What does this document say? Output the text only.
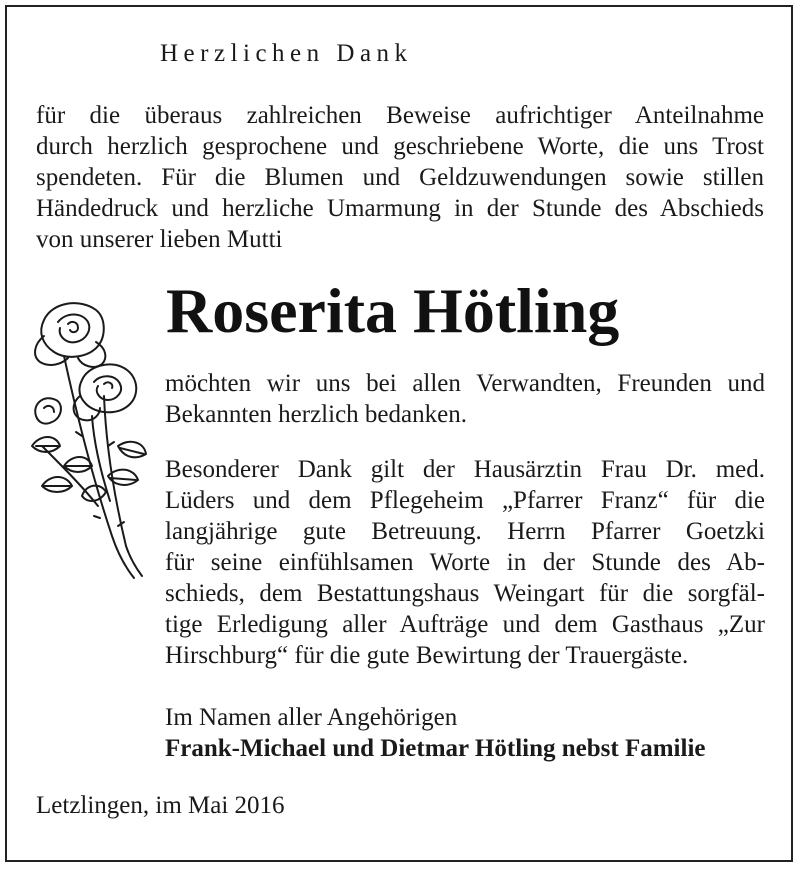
Herzlichen Dank
für die überaus zahlreichen Beweise aufrichtiger Anteilnahme
durch herzlich gesprochene und geschriebene Worte, die uns Trost
spendeten. Für die Blumen und Geldzuwendungen sowie stillen
Händedruck und herzliche Umarmung in der Stunde des Abschieds
von unserer lieben Mutti
Roserita Hötling
möchten wir uns bei allen Verwandten, Freunden und
Bekannten herzlich bedanken.
Besonderer Dank gilt der Hausärztin Frau Dr. med.
Lüders und dem Pflegeheim „Pfarrer Franz“ für die
langjährige gute Betreuung. Herrn Pfarrer Goetzki
für seine einfühlsamen Worte in der Stunde des Ab-
schieds, dem Bestattungshaus Weingart für die sorgfäl-
tige Erledigung aller Aufträge und dem Gasthaus „Zur
Hirschburg“ für die gute Bewirtung der Trauergäste.
Im Namen aller Angehörigen
Frank-Michael und Dietmar Hötling nebst Familie
Letzlingen, im Mai 2016
